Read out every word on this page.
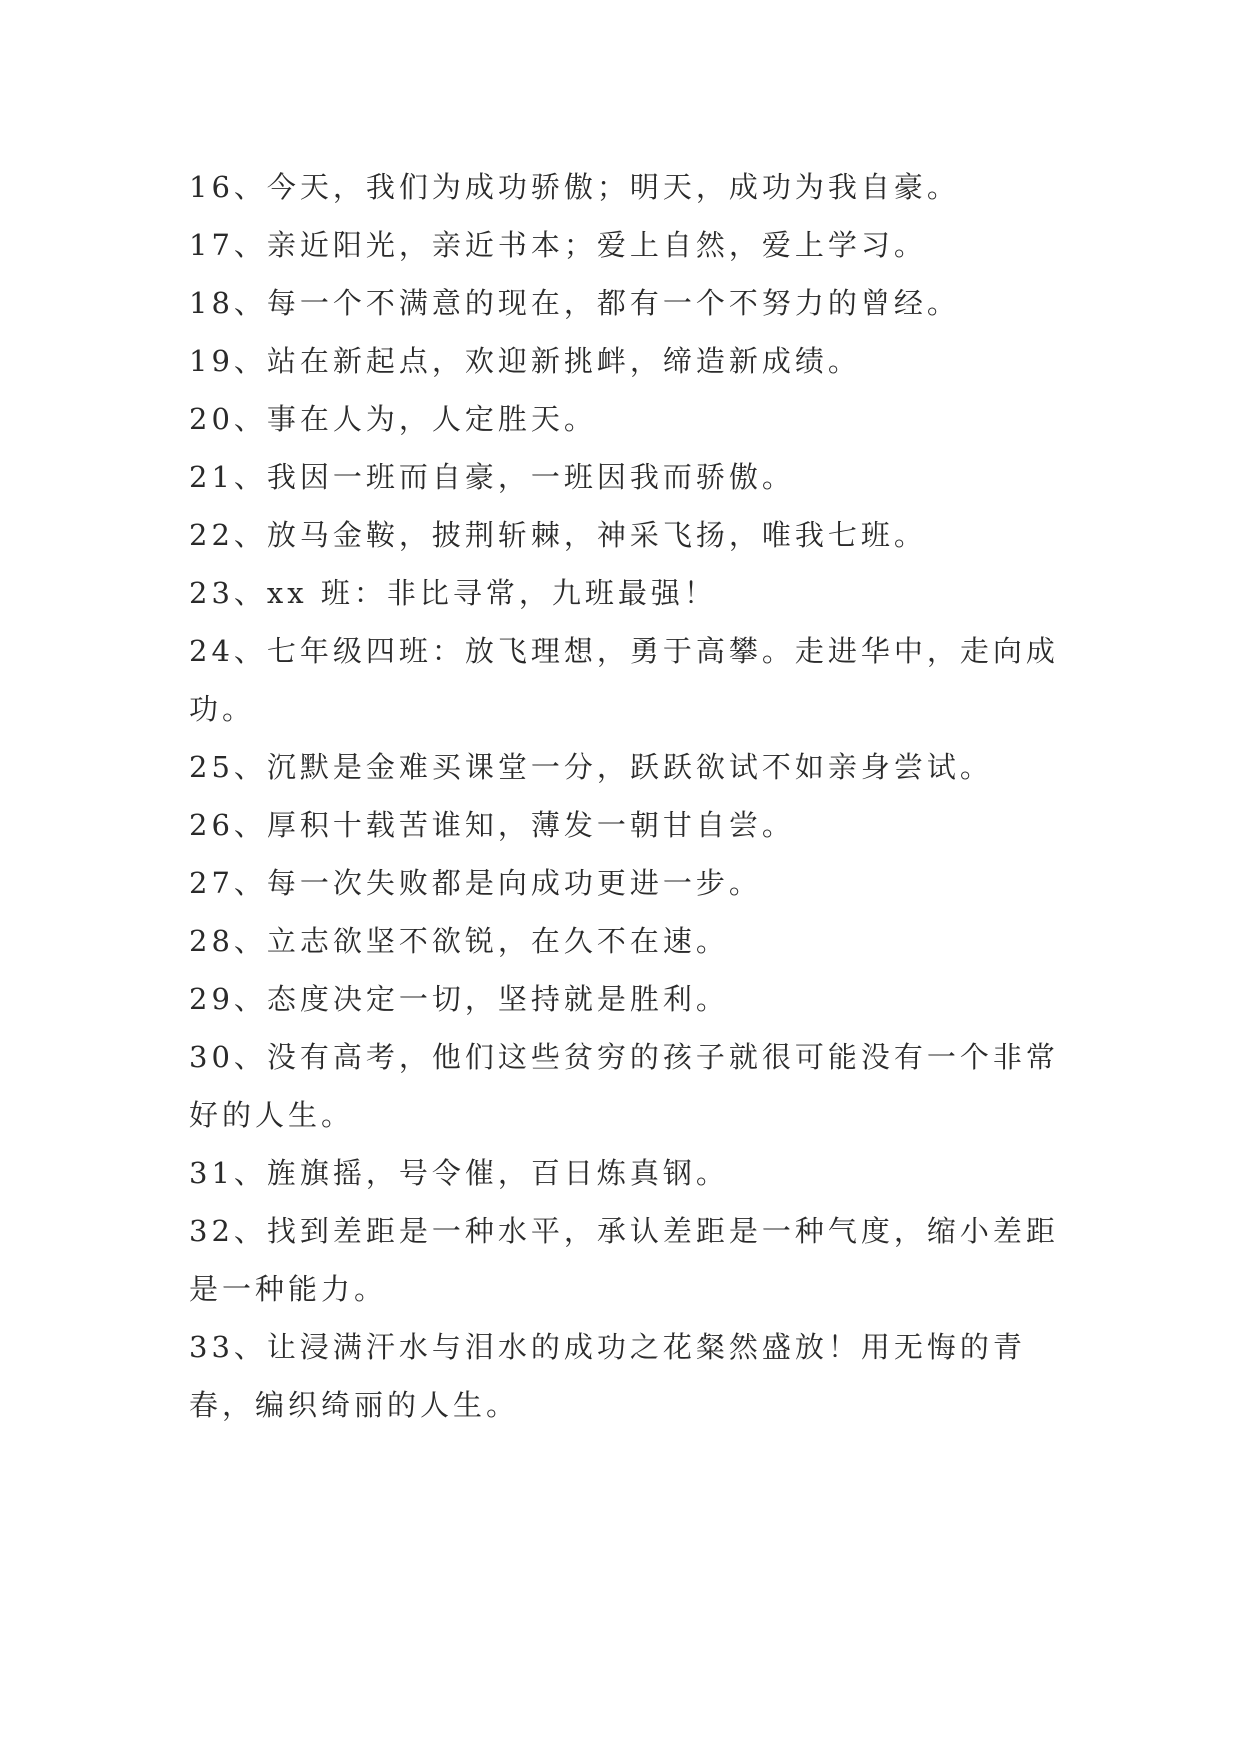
16、今天，我们为成功骄傲；明天，成功为我自豪。

17、亲近阳光，亲近书本；爱上自然，爱上学习。

18、每一个不满意的现在，都有一个不努力的曾经。

19、站在新起点，欢迎新挑衅，缔造新成绩。

20、事在人为，人定胜天。

21、我因一班而自豪，一班因我而骄傲。

22、放马金鞍，披荆斩棘，神采飞扬，唯我七班。

23、xx 班：非比寻常，九班最强！

24、七年级四班：放飞理想，勇于高攀。走进华中，走向成功。

25、沉默是金难买课堂一分，跃跃欲试不如亲身尝试。

26、厚积十载苦谁知，薄发一朝甘自尝。

27、每一次失败都是向成功更进一步。

28、立志欲坚不欲锐，在久不在速。

29、态度决定一切，坚持就是胜利。

30、没有高考，他们这些贫穷的孩子就很可能没有一个非常好的人生。

31、旌旗摇，号令催，百日炼真钢。

32、找到差距是一种水平，承认差距是一种气度，缩小差距是一种能力。

33、让浸满汗水与泪水的成功之花粲然盛放！用无悔的青春，编织绮丽的人生。
